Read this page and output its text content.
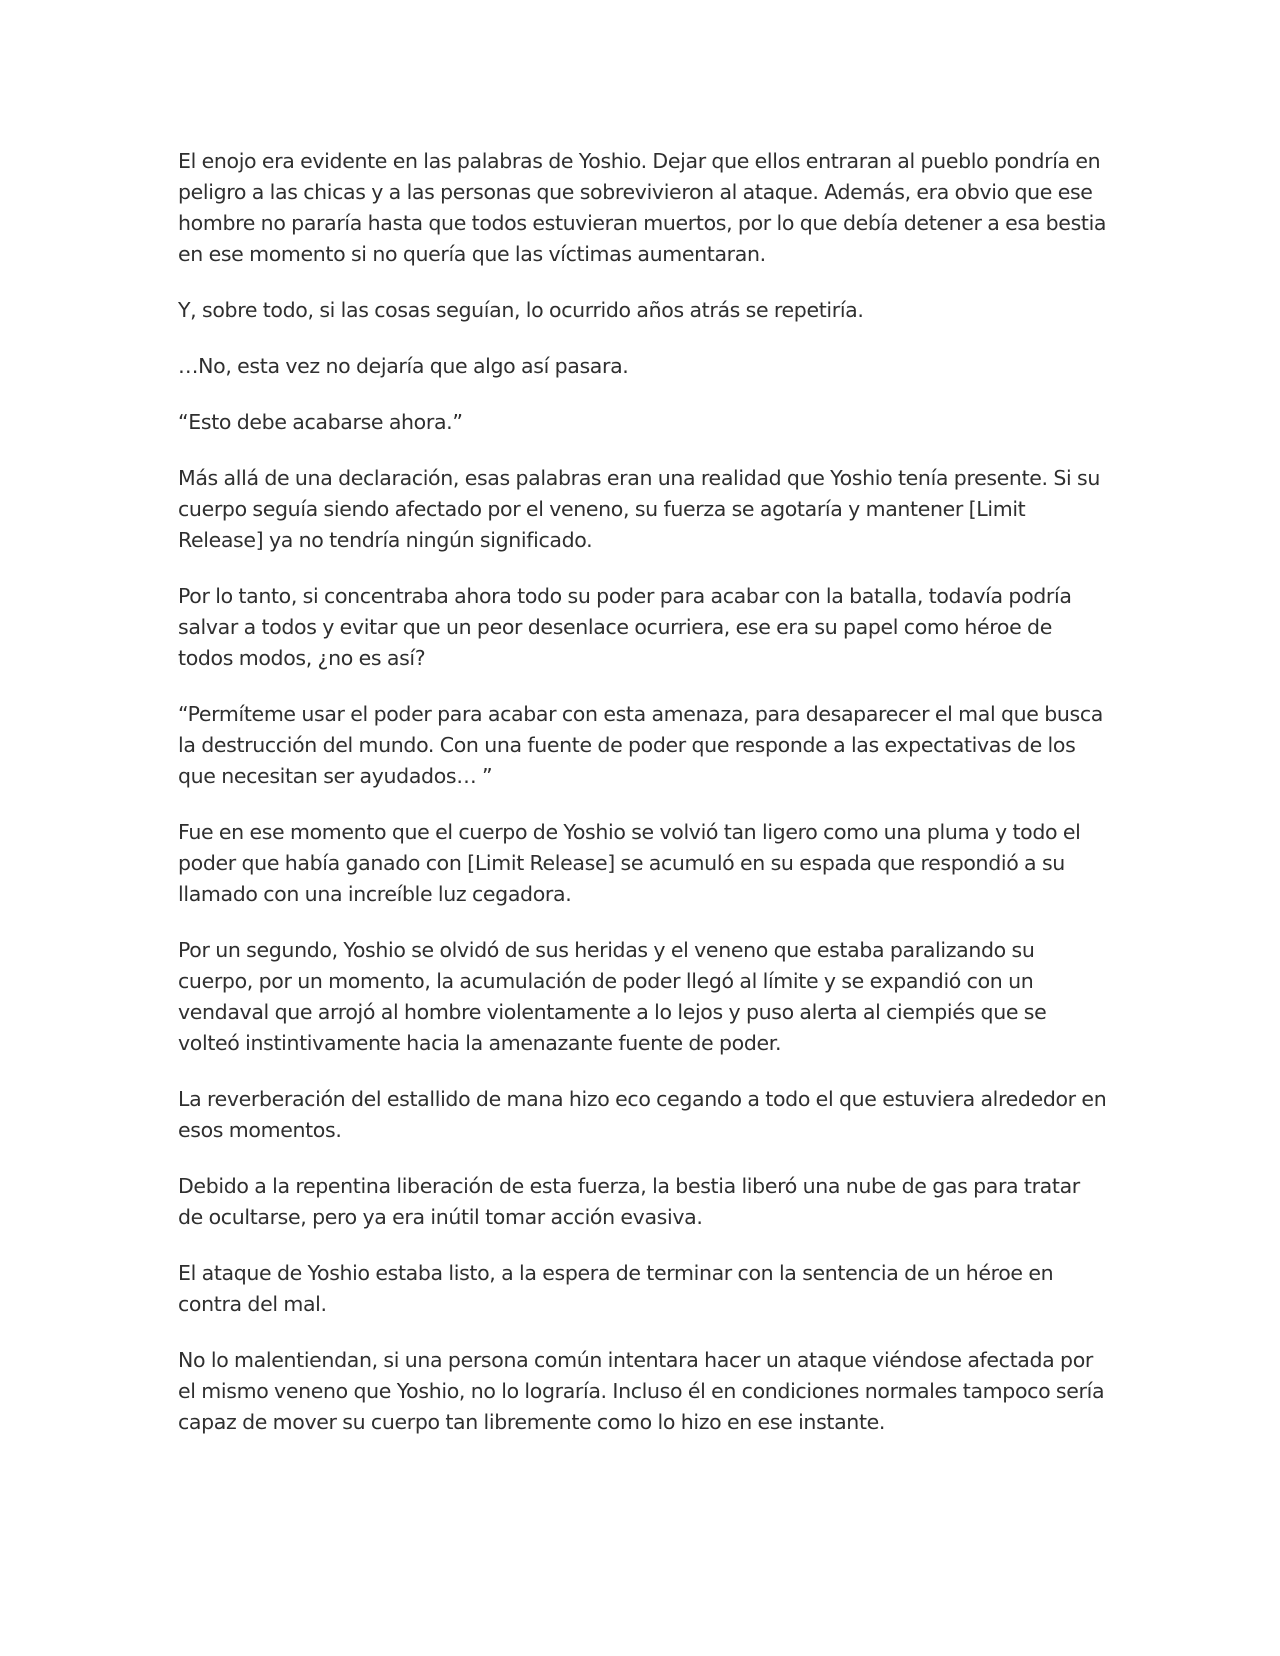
El enojo era evidente en las palabras de Yoshio. Dejar que ellos entraran al pueblo pondría en peligro a las chicas y a las personas que sobrevivieron al ataque. Además, era obvio que ese hombre no pararía hasta que todos estuvieran muertos, por lo que debía detener a esa bestia en ese momento si no quería que las víctimas aumentaran.

Y, sobre todo, si las cosas seguían, lo ocurrido años atrás se repetiría.

…No, esta vez no dejaría que algo así pasara.

“Esto debe acabarse ahora.”

Más allá de una declaración, esas palabras eran una realidad que Yoshio tenía presente. Si su cuerpo seguía siendo afectado por el veneno, su fuerza se agotaría y mantener [Limit Release] ya no tendría ningún significado.

Por lo tanto, si concentraba ahora todo su poder para acabar con la batalla, todavía podría salvar a todos y evitar que un peor desenlace ocurriera, ese era su papel como héroe de todos modos, ¿no es así?

“Permíteme usar el poder para acabar con esta amenaza, para desaparecer el mal que busca la destrucción del mundo. Con una fuente de poder que responde a las expectativas de los que necesitan ser ayudados… ”

Fue en ese momento que el cuerpo de Yoshio se volvió tan ligero como una pluma y todo el poder que había ganado con [Limit Release] se acumuló en su espada que respondió a su llamado con una increíble luz cegadora.

Por un segundo, Yoshio se olvidó de sus heridas y el veneno que estaba paralizando su cuerpo, por un momento, la acumulación de poder llegó al límite y se expandió con un vendaval que arrojó al hombre violentamente a lo lejos y puso alerta al ciempiés que se volteó instintivamente hacia la amenazante fuente de poder.

La reverberación del estallido de mana hizo eco cegando a todo el que estuviera alrededor en esos momentos.

Debido a la repentina liberación de esta fuerza, la bestia liberó una nube de gas para tratar de ocultarse, pero ya era inútil tomar acción evasiva.

El ataque de Yoshio estaba listo, a la espera de terminar con la sentencia de un héroe en contra del mal.

No lo malentiendan, si una persona común intentara hacer un ataque viéndose afectada por el mismo veneno que Yoshio, no lo lograría. Incluso él en condiciones normales tampoco sería capaz de mover su cuerpo tan libremente como lo hizo en ese instante.
